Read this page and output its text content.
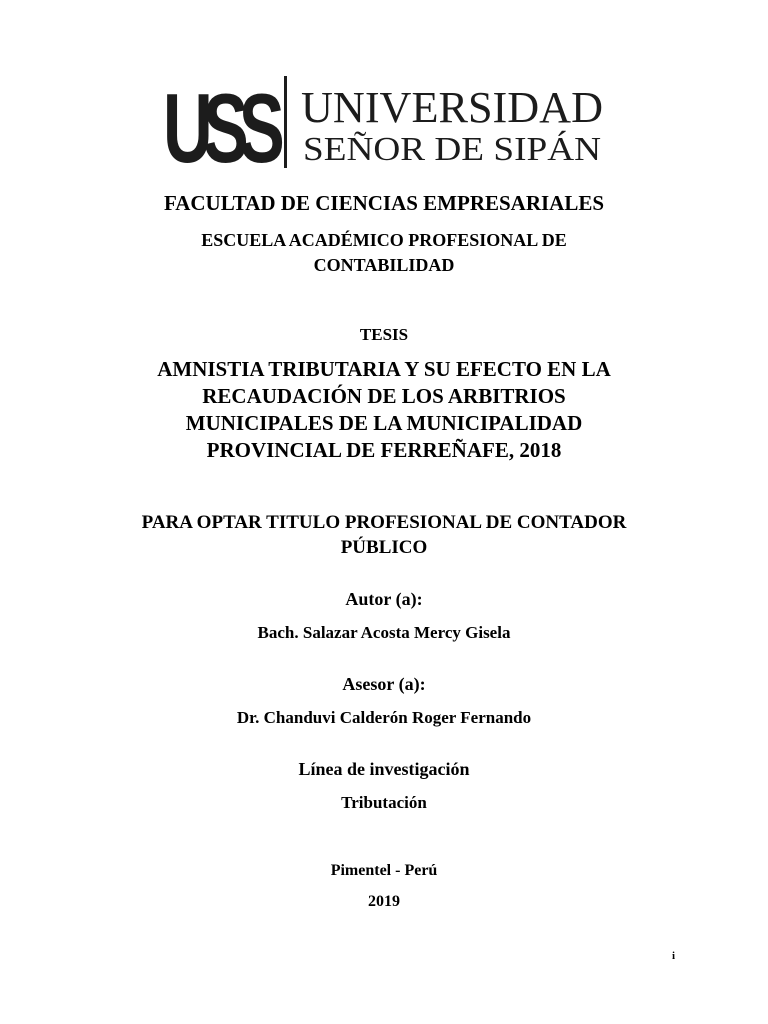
USS UNIVERSIDAD
SEÑOR DE SIPÁN
FACULTAD DE CIENCIAS EMPRESARIALES
ESCUELA ACADÉMICO PROFESIONAL DE
CONTABILIDAD
TESIS
AMNISTIA TRIBUTARIA Y SU EFECTO EN LA
RECAUDACIÓN DE LOS ARBITRIOS
MUNICIPALES DE LA MUNICIPALIDAD
PROVINCIAL DE FERREÑAFE, 2018
PARA OPTAR TITULO PROFESIONAL DE CONTADOR
PÚBLICO
Autor (a):
Bach. Salazar Acosta Mercy Gisela
Asesor (a):
Dr. Chanduvi Calderón Roger Fernando
Línea de investigación
Tributación
Pimentel - Perú
2019
i
